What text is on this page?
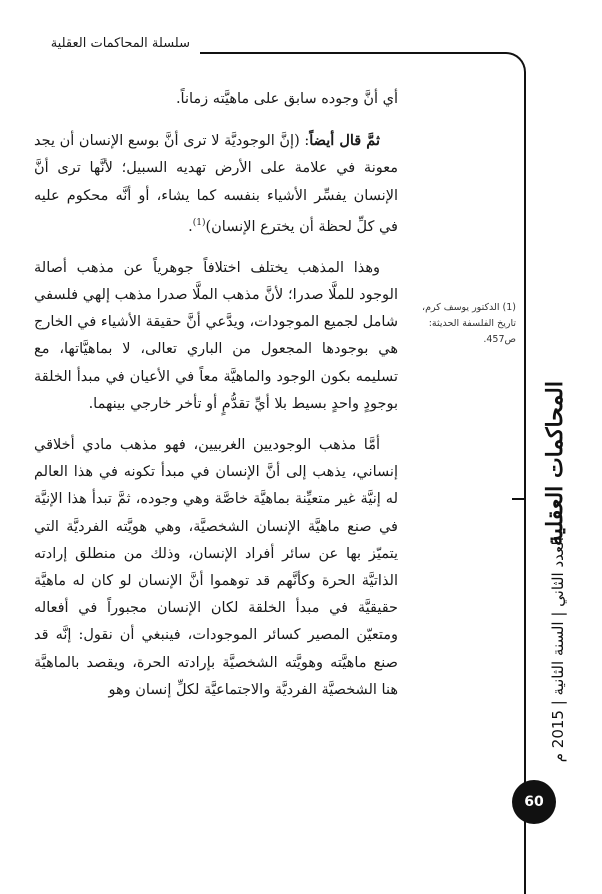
سلسلة المحاكمات العقلية

أي أنَّ وجوده سابق على ماهيَّته زماناً.

ثمَّ قال أيضاً: (إنَّ الوجوديَّة لا ترى أنَّ بوسع الإنسان أن يجد معونة في علامة على الأرض تهديه السبيل؛ لأنَّها ترى أنَّ الإنسان يفسِّر الأشياء بنفسه كما يشاء، أو أنَّه محكوم عليه في كلِّ لحظة أن يخترع الإنسان)$^{(1)}$.

وهذا المذهب يختلف اختلافاً جوهرياً عن مذهب أصالة الوجود للملَّا صدرا؛ لأنَّ مذهب الملَّا صدرا مذهب إلهي فلسفي شامل لجميع الموجودات، ويدَّعي أنَّ حقيقة الأشياء في الخارج هي بوجودها المجعول من الباري تعالى، لا بماهيَّاتها، مع تسليمه بكون الوجود والماهيَّة معاً في الأعيان في مبدأ الخلقة بوجودٍ واحدٍ بسيط بلا أيِّ تقدُّمٍ أو تأخر خارجي بينهما.

أمَّا مذهب الوجوديين الغربيين، فهو مذهب مادي أخلاقي إنساني، يذهب إلى أنَّ الإنسان في مبدأ تكونه في هذا العالم له إنيَّة غير متعيِّنة بماهيَّة خاصَّة وهي وجوده، ثمَّ تبدأ هذا الإنيَّة في صنع ماهيَّة الإنسان الشخصيَّة، وهي هويَّته الفرديَّة التي يتميّز بها عن سائر أفراد الإنسان، وذلك من منطلق إرادته الذاتيَّة الحرة وكأنَّهم قد توهموا أنَّ الإنسان لو كان له ماهيَّة حقيقيَّة في مبدأ الخلقة لكان الإنسان مجبوراً في أفعاله ومتعيّن المصير كسائر الموجودات، فينبغي أن نقول: إنَّه قد صنع ماهيَّته وهويَّته الشخصيَّة بإرادته الحرة، ويقصد بالماهيَّة هنا الشخصيَّة الفرديَّة والاجتماعيَّة لكلِّ إنسان وهو

(1) الدكتور يوسف كرم، تاريخ الفلسفة الحديثة: ص457.
المحاكمات العقلية
العدد الثاني | السنة الثانية | 2015 م
60
